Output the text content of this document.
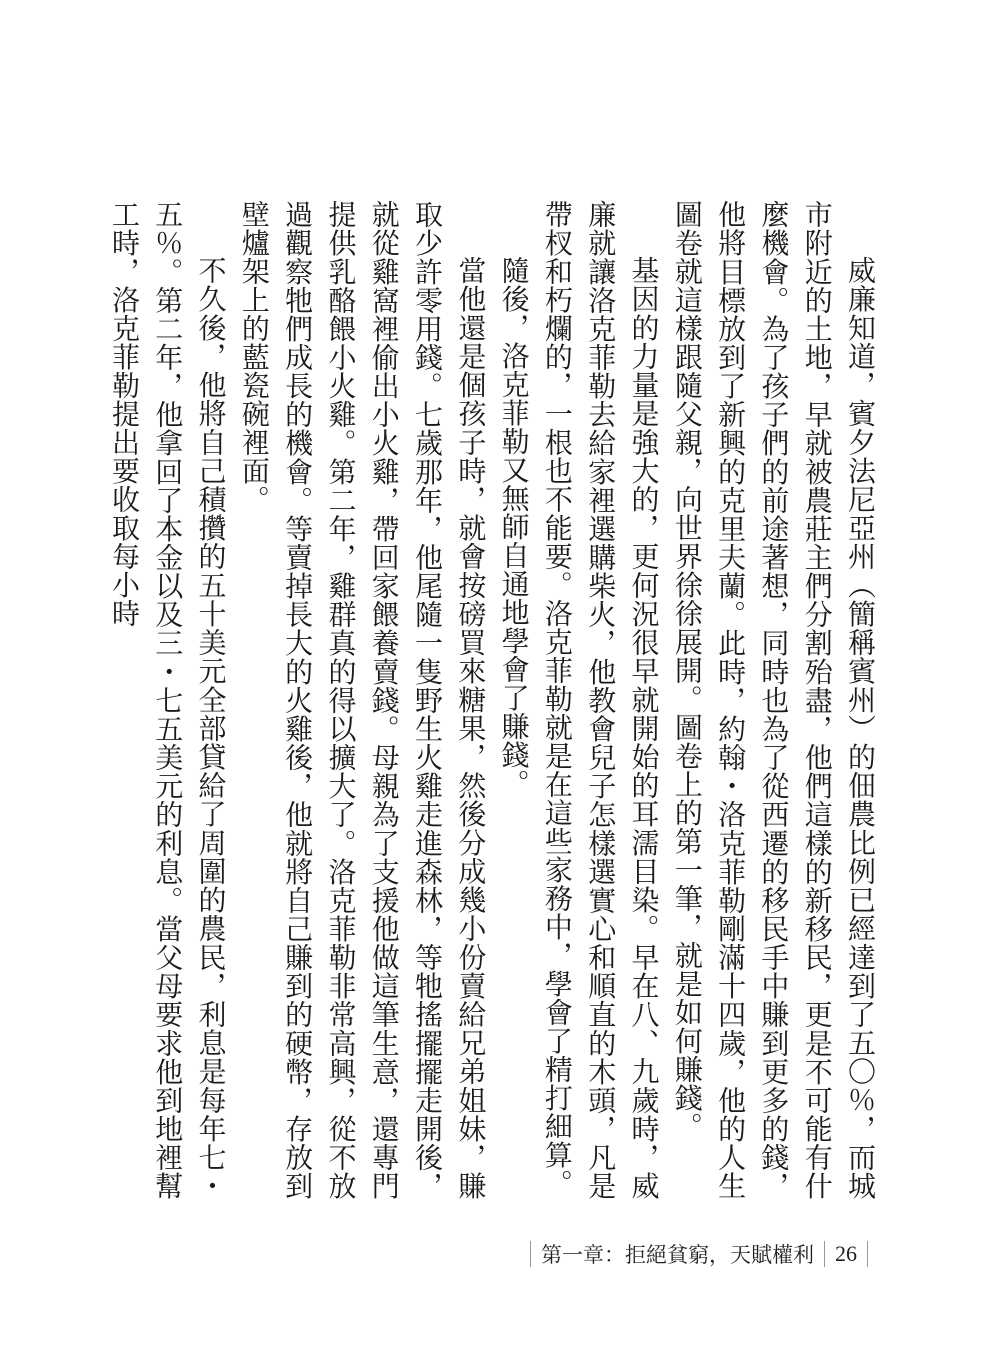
威廉知道，賓夕法尼亞州（簡稱賓州）的佃農比例已經達到了五〇％，而城市附近的土地，早就被農莊主們分割殆盡，他們這樣的新移民，更是不可能有什麼機會。為了孩子們的前途著想，同時也為了從西遷的移民手中賺到更多的錢，他將目標放到了新興的克里夫蘭。此時，約翰・洛克菲勒剛滿十四歲，他的人生圖卷就這樣跟隨父親，向世界徐徐展開。圖卷上的第一筆，就是如何賺錢。

基因的力量是強大的，更何況很早就開始的耳濡目染。早在八、九歲時，威廉就讓洛克菲勒去給家裡選購柴火，他教會兒子怎樣選實心和順直的木頭，凡是帶杈和朽爛的，一根也不能要。洛克菲勒就是在這些家務中，學會了精打細算。

隨後，洛克菲勒又無師自通地學會了賺錢。

當他還是個孩子時，就會按磅買來糖果，然後分成幾小份賣給兄弟姐妹，賺取少許零用錢。七歲那年，他尾隨一隻野生火雞走進森林，等牠搖擺擺走開後，就從雞窩裡偷出小火雞，帶回家餵養賣錢。母親為了支援他做這筆生意，還專門提供乳酪餵小火雞。第二年，雞群真的得以擴大了。洛克菲勒非常高興，從不放過觀察牠們成長的機會。等賣掉長大的火雞後，他就將自己賺到的硬幣，存放到壁爐架上的藍瓷碗裡面。

不久後，他將自己積攢的五十美元全部貸給了周圍的農民，利息是每年七・五％。第二年，他拿回了本金以及三・七五美元的利息。當父母要求他到地裡幫工時，洛克菲勒提出要收取每小時

第一章：拒絕貧窮，天賦權利 26
